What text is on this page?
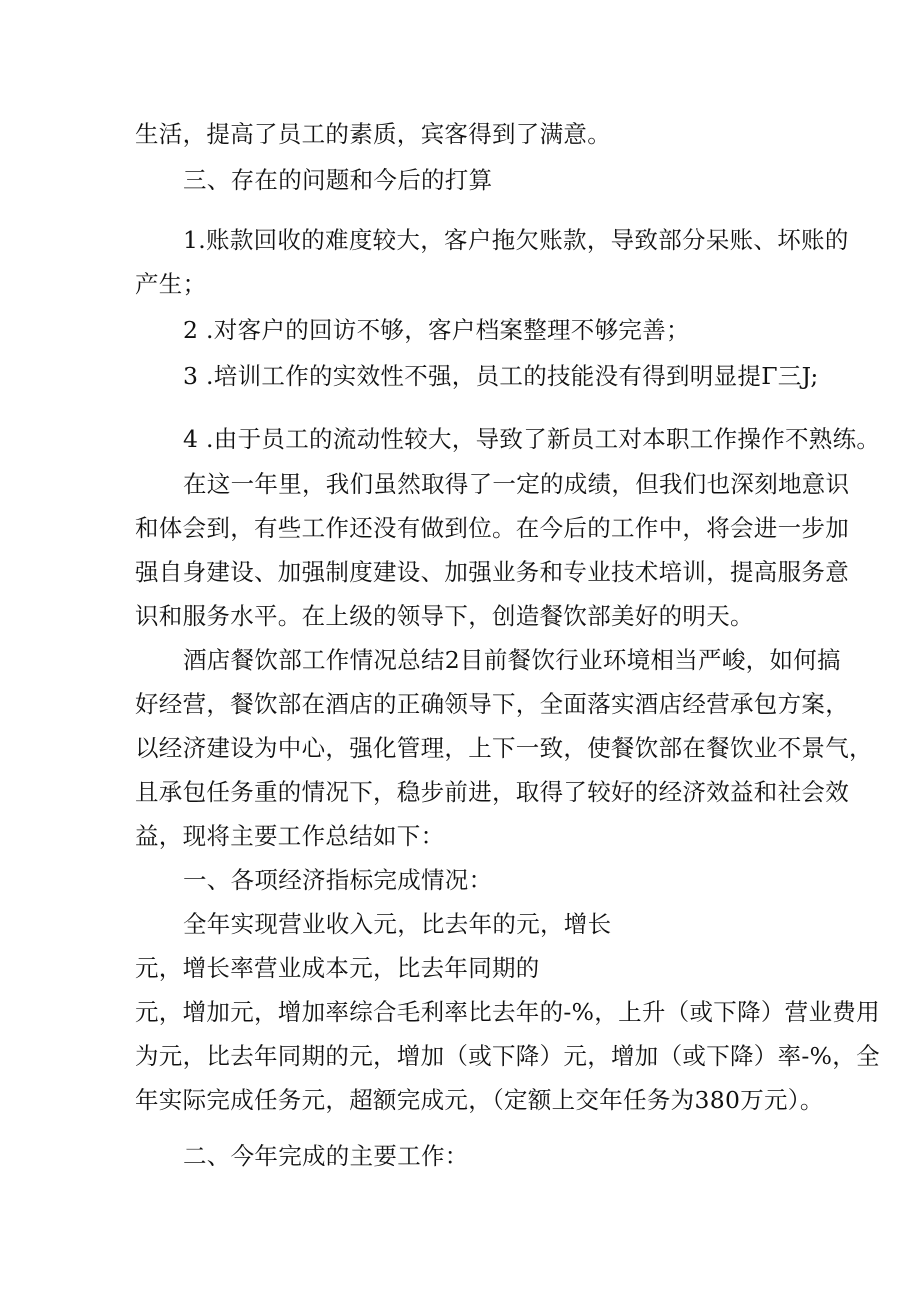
生活，提高了员工的素质，宾客得到了满意。
三、存在的问题和今后的打算
1.账款回收的难度较大，客户拖欠账款，导致部分呆账、坏账的
产生；
2 .对客户的回访不够，客户档案整理不够完善；
3 .培训工作的实效性不强，员工的技能没有得到明显提Γ三J;
4 .由于员工的流动性较大，导致了新员工对本职工作操作不熟练。
在这一年里，我们虽然取得了一定的成绩，但我们也深刻地意识
和体会到，有些工作还没有做到位。在今后的工作中，将会进一步加
强自身建设、加强制度建设、加强业务和专业技术培训，提高服务意
识和服务水平。在上级的领导下，创造餐饮部美好的明天。
酒店餐饮部工作情况总结2目前餐饮行业环境相当严峻，如何搞
好经营，餐饮部在酒店的正确领导下，全面落实酒店经营承包方案，
以经济建设为中心，强化管理，上下一致，使餐饮部在餐饮业不景气，
且承包任务重的情况下，稳步前进，取得了较好的经济效益和社会效
益，现将主要工作总结如下：
一、各项经济指标完成情况：
全年实现营业收入元，比去年的元，增长
元，增长率营业成本元，比去年同期的
元，增加元，增加率综合毛利率比去年的-%，上升（或下降）营业费用
为元，比去年同期的元，增加（或下降）元，增加（或下降）率-%，全
年实际完成任务元，超额完成元，（定额上交年任务为380万元）。
二、今年完成的主要工作：
